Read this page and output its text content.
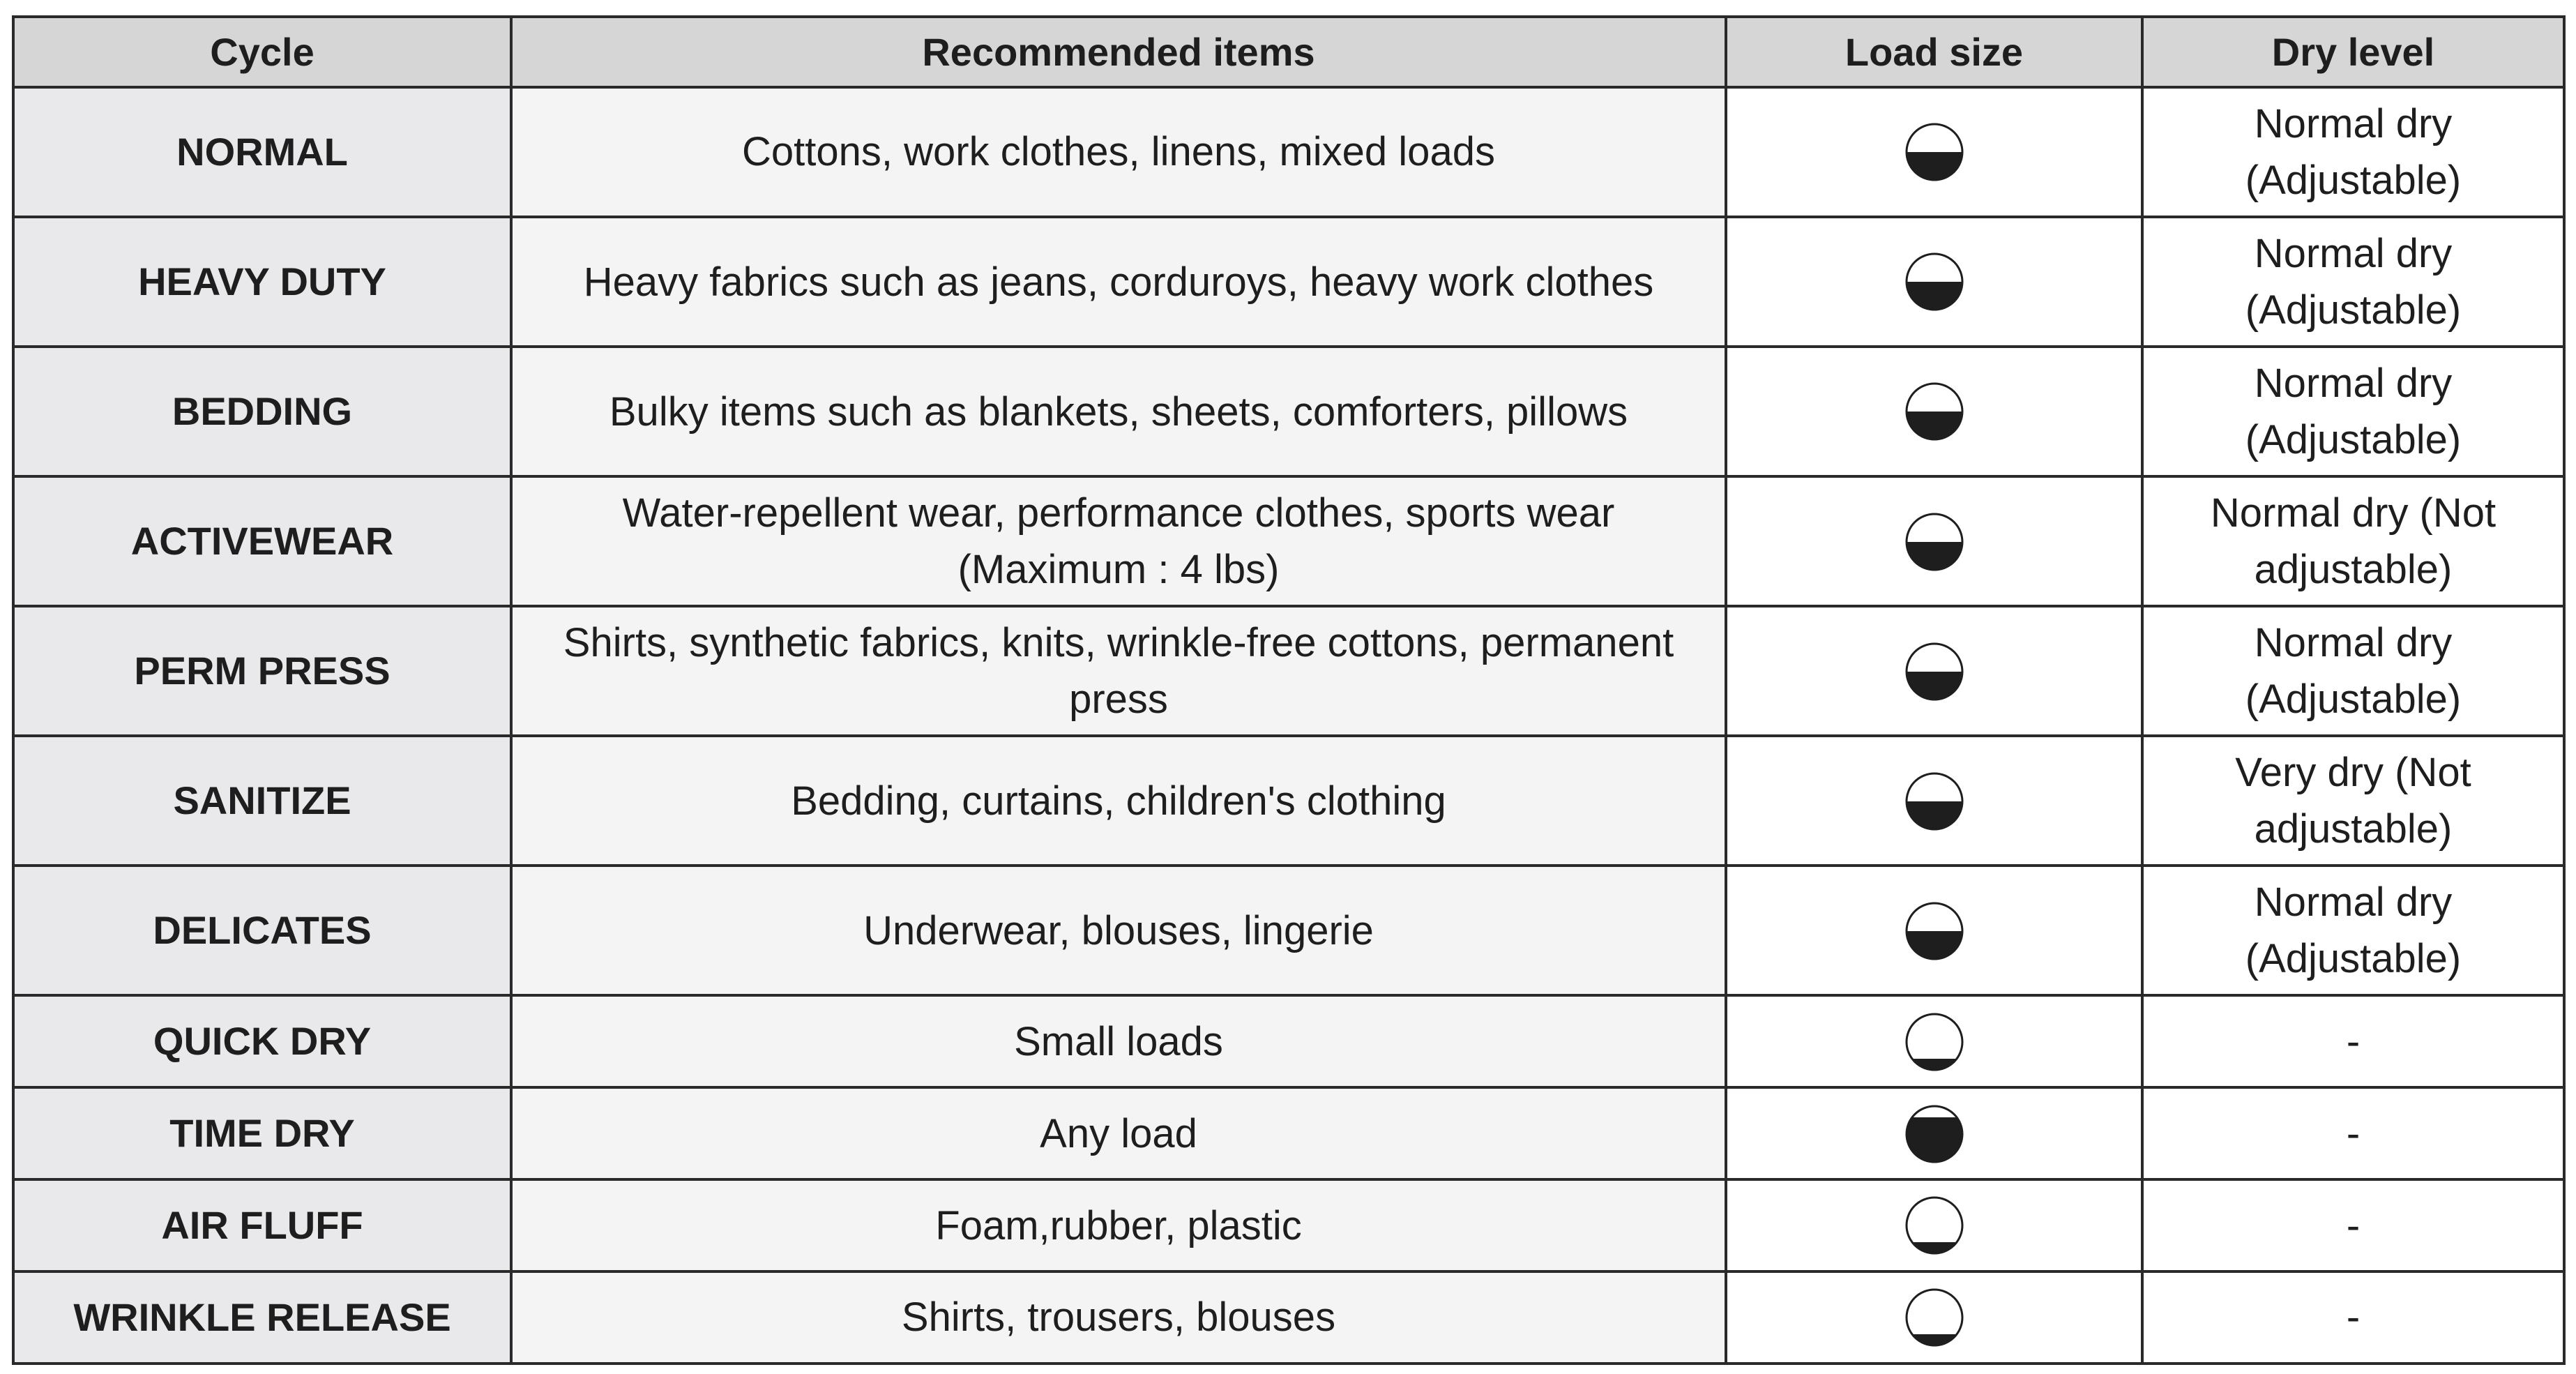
Cycle	Recommended items	Load size	Dry level
NORMAL	Cottons, work clothes, linens, mixed loads		Normal dry (Adjustable)
HEAVY DUTY	Heavy fabrics such as jeans, corduroys, heavy work clothes		Normal dry (Adjustable)
BEDDING	Bulky items such as blankets, sheets, comforters, pillows		Normal dry (Adjustable)
ACTIVEWEAR	Water-repellent wear, performance clothes, sports wear (Maximum : 4 lbs)		Normal dry (Not adjustable)
PERM PRESS	Shirts, synthetic fabrics, knits, wrinkle-free cottons, permanent press		Normal dry (Adjustable)
SANITIZE	Bedding, curtains, children's clothing		Very dry (Not adjustable)
DELICATES	Underwear, blouses, lingerie		Normal dry (Adjustable)
QUICK DRY	Small loads		-
TIME DRY	Any load		-
AIR FLUFF	Foam,rubber, plastic		-
WRINKLE RELEASE	Shirts, trousers, blouses		-
